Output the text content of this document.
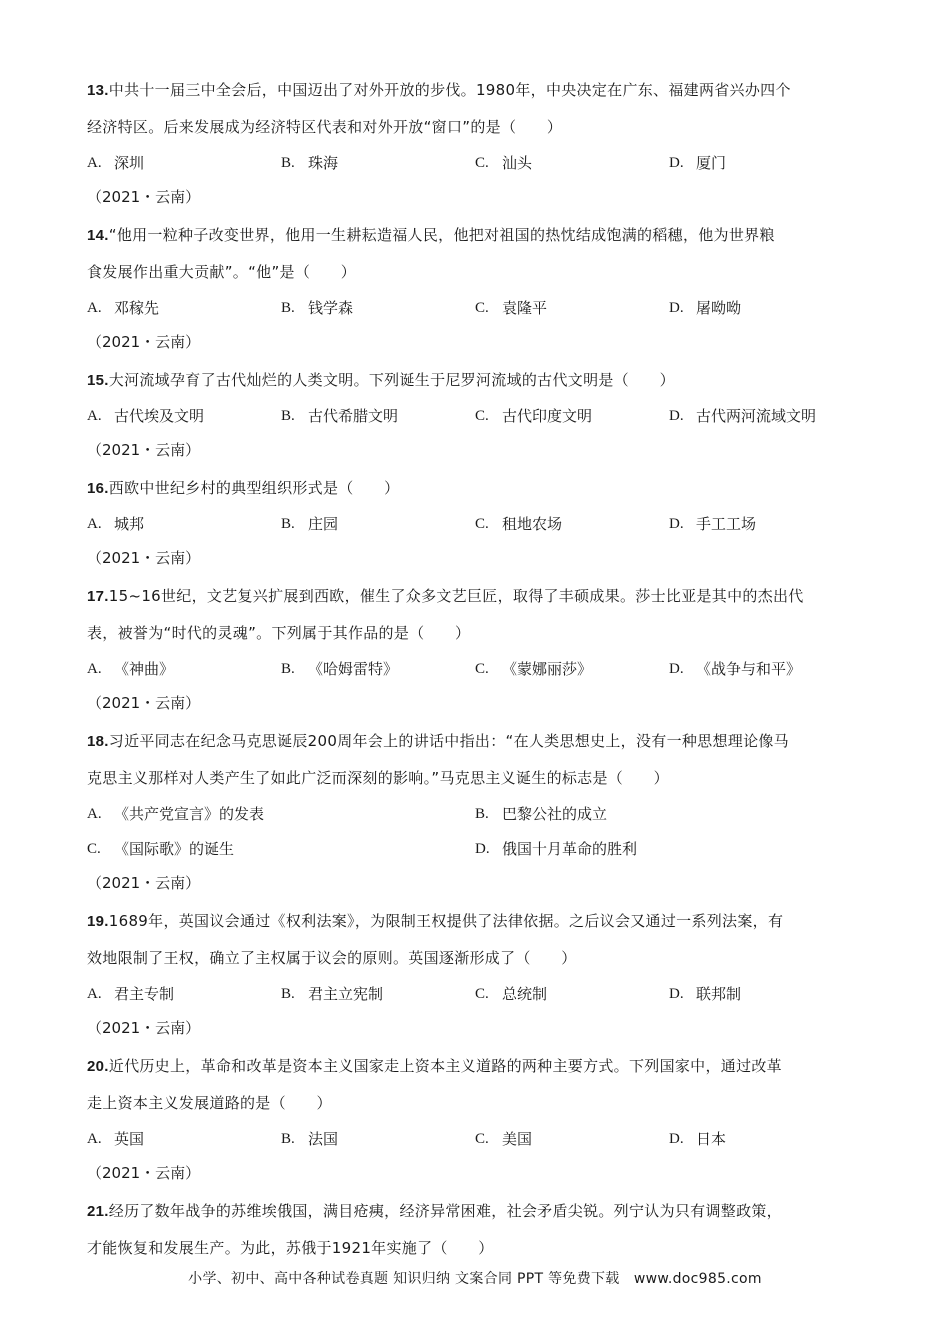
13.中共十一届三中全会后，中国迈出了对外开放的步伐。1980年，中央决定在广东、福建两省兴办四个
经济特区。后来发展成为经济特区代表和对外开放“窗口”的是（　　）
A. 深圳	B. 珠海	C. 汕头	D. 厦门
（2021・云南）
14.“他用一粒种子改变世界，他用一生耕耘造福人民，他把对祖国的热忱结成饱满的稻穗，他为世界粮
食发展作出重大贡献”。“他”是（　　）
A. 邓稼先	B. 钱学森	C. 袁隆平	D. 屠呦呦
（2021・云南）
15.大河流域孕育了古代灿烂的人类文明。下列诞生于尼罗河流域的古代文明是（　　）
A. 古代埃及文明	B. 古代希腊文明	C. 古代印度文明	D. 古代两河流域文明
（2021・云南）
16.西欧中世纪乡村的典型组织形式是（　　）
A. 城邦	B. 庄园	C. 租地农场	D. 手工工场
（2021・云南）
17.15~16世纪，文艺复兴扩展到西欧，催生了众多文艺巨匠，取得了丰硕成果。莎士比亚是其中的杰出代
表，被誉为“时代的灵魂”。下列属于其作品的是（　　）
A. 《神曲》	B. 《哈姆雷特》	C. 《蒙娜丽莎》	D. 《战争与和平》
（2021・云南）
18.习近平同志在纪念马克思诞辰200周年会上的讲话中指出：“在人类思想史上，没有一种思想理论像马
克思主义那样对人类产生了如此广泛而深刻的影响。”马克思主义诞生的标志是（　　）
A. 《共产党宣言》的发表	B. 巴黎公社的成立
C. 《国际歌》的诞生	D. 俄国十月革命的胜利
（2021・云南）
19.1689年，英国议会通过《权利法案》，为限制王权提供了法律依据。之后议会又通过一系列法案，有
效地限制了王权，确立了主权属于议会的原则。英国逐渐形成了（　　）
A. 君主专制	B. 君主立宪制	C. 总统制	D. 联邦制
（2021・云南）
20.近代历史上，革命和改革是资本主义国家走上资本主义道路的两种主要方式。下列国家中，通过改革
走上资本主义发展道路的是（　　）
A. 英国	B. 法国	C. 美国	D. 日本
（2021・云南）
21.经历了数年战争的苏维埃俄国，满目疮痍，经济异常困难，社会矛盾尖锐。列宁认为只有调整政策，
才能恢复和发展生产。为此，苏俄于1921年实施了（　　）
小学、初中、高中各种试卷真题 知识归纳 文案合同 PPT 等免费下载　www.doc985.com
